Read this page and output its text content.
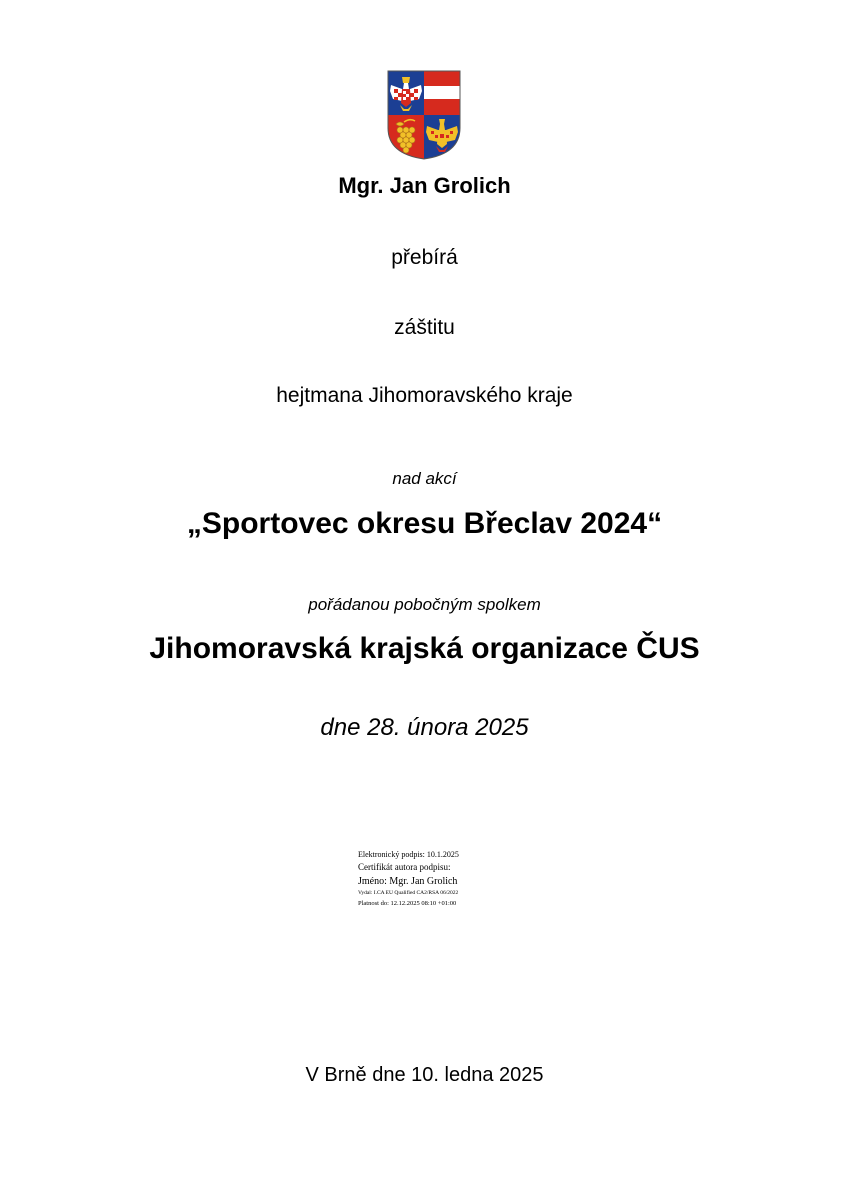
Mgr. Jan Grolich
přebírá
záštitu
hejtmana Jihomoravského kraje
nad akcí
„Sportovec okresu Břeclav 2024“
pořádanou pobočným spolkem
Jihomoravská krajská organizace ČUS
dne 28. února 2025
Elektronický podpis: 10.1.2025
Certifikát autora podpisu:
Jméno: Mgr. Jan Grolich
Vydal: I.CA EU Qualified CA2/RSA 06/2022
Platnost do: 12.12.2025 08:10 +01:00
V Brně dne 10. ledna 2025
